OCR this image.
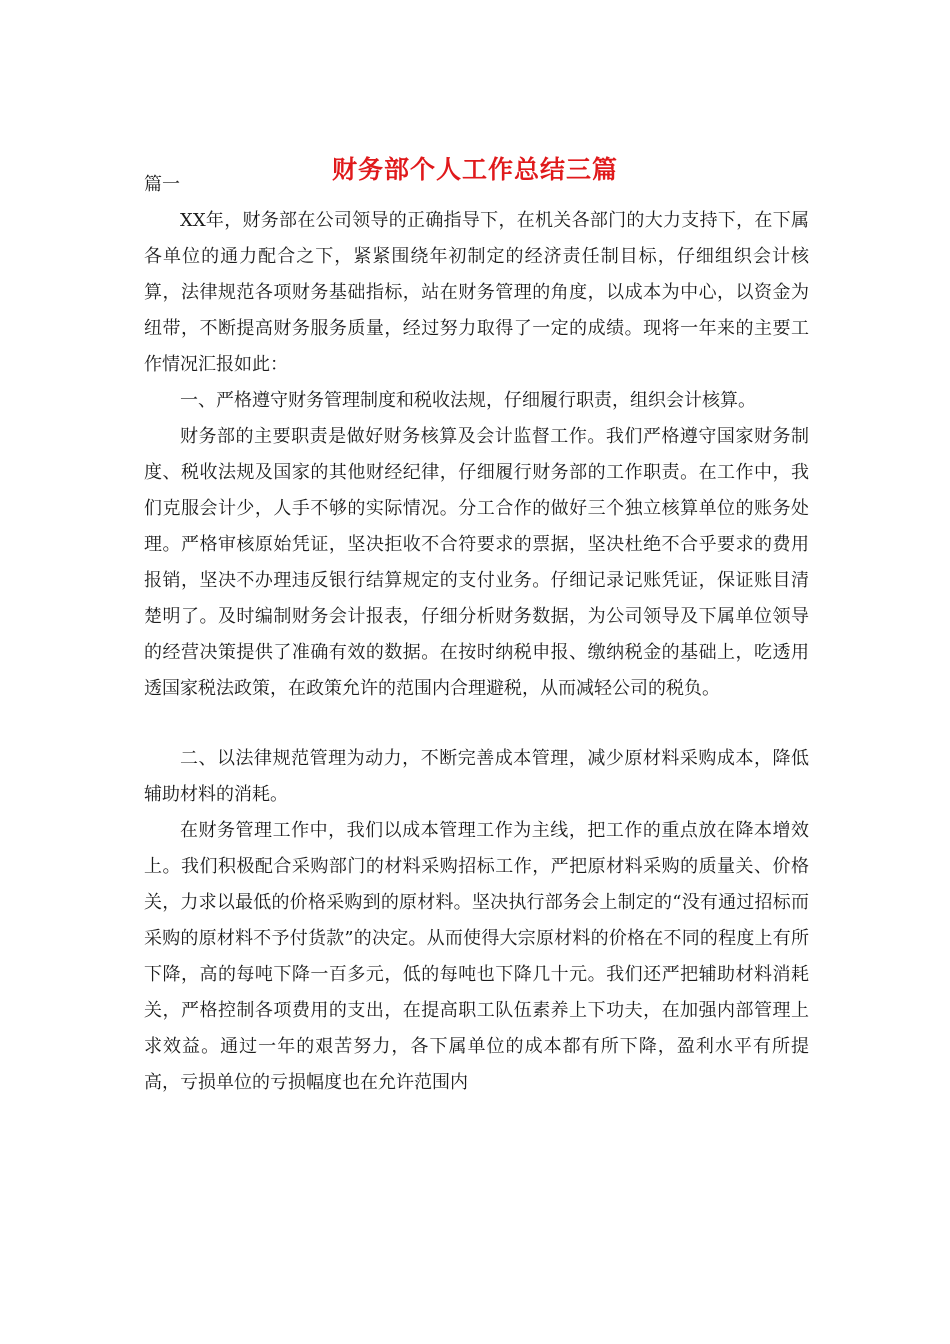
财务部个人工作总结三篇

篇一

XX年，财务部在公司领导的正确指导下，在机关各部门的大力支持下，在下属各单位的通力配合之下，紧紧围绕年初制定的经济责任制目标，仔细组织会计核算，法律规范各项财务基础指标，站在财务管理的角度，以成本为中心，以资金为纽带，不断提高财务服务质量，经过努力取得了一定的成绩。现将一年来的主要工作情况汇报如此：

一、严格遵守财务管理制度和税收法规，仔细履行职责，组织会计核算。

财务部的主要职责是做好财务核算及会计监督工作。我们严格遵守国家财务制度、税收法规及国家的其他财经纪律，仔细履行财务部的工作职责。在工作中，我们克服会计少，人手不够的实际情况。分工合作的做好三个独立核算单位的账务处理。严格审核原始凭证，坚决拒收不合符要求的票据，坚决杜绝不合乎要求的费用报销，坚决不办理违反银行结算规定的支付业务。仔细记录记账凭证，保证账目清楚明了。及时编制财务会计报表，仔细分析财务数据，为公司领导及下属单位领导的经营决策提供了准确有效的数据。在按时纳税申报、缴纳税金的基础上，吃透用透国家税法政策，在政策允许的范围内合理避税，从而减轻公司的税负。

二、以法律规范管理为动力，不断完善成本管理，减少原材料采购成本，降低辅助材料的消耗。

在财务管理工作中，我们以成本管理工作为主线，把工作的重点放在降本增效上。我们积极配合采购部门的材料采购招标工作，严把原材料采购的质量关、价格关，力求以最低的价格采购到的原材料。坚决执行部务会上制定的“没有通过招标而采购的原材料不予付货款”的决定。从而使得大宗原材料的价格在不同的程度上有所下降，高的每吨下降一百多元，低的每吨也下降几十元。我们还严把辅助材料消耗关，严格控制各项费用的支出，在提高职工队伍素养上下功夫，在加强内部管理上求效益。通过一年的艰苦努力，各下属单位的成本都有所下降，盈利水平有所提高，亏损单位的亏损幅度也在允许范围内
